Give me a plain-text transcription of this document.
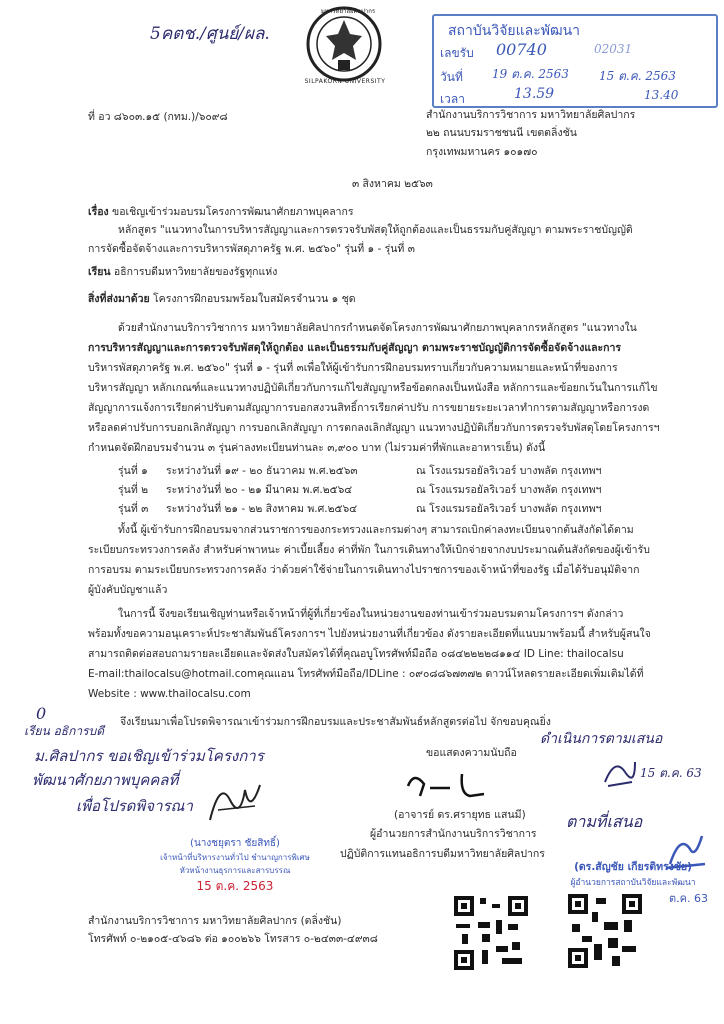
5คตช./ศูนย์/ผล.
มหาวิทยาลัยศิลปากร
SILPAKORN UNIVERSITY
สถาบันวิจัยและพัฒนา
เลขรับ 00740	02031
วันที่ 19 ต.ค. 2563	15 ต.ค. 2563
เวลา	13.59	13.40
ที่ อว ๘๖๐๓.๑๕ (กทม.)/๖๐๙๘	สำนักงานบริการวิชาการ มหาวิทยาลัยศิลปากร
๒๒ ถนนบรมราชชนนี เขตตลิ่งชัน
กรุงเทพมหานคร ๑๐๑๗๐
๓ สิงหาคม ๒๕๖๓
เรื่อง ขอเชิญเข้าร่วมอบรมโครงการพัฒนาศักยภาพบุคลากร
หลักสูตร "แนวทางในการบริหารสัญญาและการตรวจรับพัสดุให้ถูกต้องและเป็นธรรมกับคู่สัญญา ตามพระราชบัญญัติ
การจัดซื้อจัดจ้างและการบริหารพัสดุภาครัฐ พ.ศ. ๒๕๖๐" รุ่นที่ ๑ - รุ่นที่ ๓
เรียน อธิการบดีมหาวิทยาลัยของรัฐทุกแห่ง
สิ่งที่ส่งมาด้วย โครงการฝึกอบรมพร้อมใบสมัครจำนวน ๑ ชุด
ด้วยสำนักงานบริการวิชาการ มหาวิทยาลัยศิลปากรกำหนดจัดโครงการพัฒนาศักยภาพบุคลากรหลักสูตร "แนวทางใน
การบริหารสัญญาและการตรวจรับพัสดุให้ถูกต้อง และเป็นธรรมกับคู่สัญญา ตามพระราชบัญญัติการจัดซื้อจัดจ้างและการ
บริหารพัสดุภาครัฐ พ.ศ. ๒๕๖๐" รุ่นที่ ๑ - รุ่นที่ ๓เพื่อให้ผู้เข้ารับการฝึกอบรมทราบเกี่ยวกับความหมายและหน้าที่ของการ
บริหารสัญญา หลักเกณฑ์และแนวทางปฏิบัติเกี่ยวกับการแก้ไขสัญญาหรือข้อตกลงเป็นหนังสือ หลักการและข้อยกเว้นในการแก้ไข
สัญญาการแจ้งการเรียกค่าปรับตามสัญญาการบอกสงวนสิทธิ์การเรียกค่าปรับ การขยายระยะเวลาทำการตามสัญญาหรือการงด
หรือลดค่าปรับการบอกเลิกสัญญา การบอกเลิกสัญญา การตกลงเลิกสัญญา แนวทางปฏิบัติเกี่ยวกับการตรวจรับพัสดุโดยโครงการฯ
กำหนดจัดฝึกอบรมจำนวน ๓ รุ่นค่าลงทะเบียนท่านละ ๓,๙๐๐ บาท (ไม่รวมค่าที่พักและอาหารเย็น) ดังนี้
รุ่นที่ ๑	ระหว่างวันที่ ๑๙ - ๒๐ ธันวาคม พ.ศ.๒๕๖๓	ณ โรงแรมรอยัลริเวอร์ บางพลัด กรุงเทพฯ
รุ่นที่ ๒	ระหว่างวันที่ ๒๐ - ๒๑ มีนาคม พ.ศ.๒๕๖๔	ณ โรงแรมรอยัลริเวอร์ บางพลัด กรุงเทพฯ
รุ่นที่ ๓	ระหว่างวันที่ ๒๑ - ๒๒ สิงหาคม พ.ศ.๒๕๖๔	ณ โรงแรมรอยัลริเวอร์ บางพลัด กรุงเทพฯ
ทั้งนี้ ผู้เข้ารับการฝึกอบรมจากส่วนราชการของกระทรวงและกรมต่างๆ สามารถเบิกค่าลงทะเบียนจากต้นสังกัดได้ตาม
ระเบียบกระทรวงการคลัง สำหรับค่าพาหนะ ค่าเบี้ยเลี้ยง ค่าที่พัก ในการเดินทางให้เบิกจ่ายจากงบประมาณต้นสังกัดของผู้เข้ารับ
การอบรม ตามระเบียบกระทรวงการคลัง ว่าด้วยค่าใช้จ่ายในการเดินทางไปราชการของเจ้าหน้าที่ของรัฐ เมื่อได้รับอนุมัติจาก
ผู้บังคับบัญชาแล้ว
ในการนี้ จึงขอเรียนเชิญท่านหรือเจ้าหน้าที่ผู้ที่เกี่ยวข้องในหน่วยงานของท่านเข้าร่วมอบรมตามโครงการฯ ดังกล่าว
พร้อมทั้งขอความอนุเคราะห์ประชาสัมพันธ์โครงการฯ ไปยังหน่วยงานที่เกี่ยวข้อง ดังรายละเอียดที่แนบมาพร้อมนี้ สำหรับผู้สนใจ
สามารถติดต่อสอบถามรายละเอียดและจัดส่งใบสมัครได้ที่คุณอบูโทรศัพท์มือถือ ๐๘๔๒๒๒๒๘๑๑๔ ID Line: thailocalsu
E-mail:thailocalsu@hotmail.comคุณแอน โทรศัพท์มือถือ/IDLine : ๐๙๐๘๘๖๗๓๗๒ ดาวน์โหลดรายละเอียดเพิ่มเติมได้ที่
Website : www.thailocalsu.com
จึงเรียนมาเพื่อโปรดพิจารณาเข้าร่วมการฝึกอบรมและประชาสัมพันธ์หลักสูตรต่อไป จักขอบคุณยิ่ง
0
เรียน อธิการบดี
ม.ศิลปากร ขอเชิญเข้าร่วมโครงการ
พัฒนาศักยภาพบุคคลที่
เพื่อโปรดพิจารณา
(นางชยุตรา ชัยสิทธิ์)
เจ้าหน้าที่บริหารงานทั่วไป ชำนาญการพิเศษ
หัวหน้างานธุรการและสารบรรณ
15 ต.ค. 2563
ขอแสดงความนับถือ
(อาจารย์ ดร.ศรายุทธ แสนมี)
ผู้อำนวยการสำนักงานบริการวิชาการ
ปฏิบัติการแทนอธิการบดีมหาวิทยาลัยศิลปากร
ดำเนินการตามเสนอ
15 ต.ค. 63
ตามที่เสนอ
(ดร.สัญชัย เกียรติทรงชัย)
ผู้อำนวยการสถาบันวิจัยและพัฒนา
ต.ค. 63
สำนักงานบริการวิชาการ มหาวิทยาลัยศิลปากร (ตลิ่งชัน)
โทรศัพท์ ๐-๒๑๐๕-๔๖๘๖ ต่อ ๑๐๐๒๖๖ โทรสาร ๐-๒๔๓๓-๔๙๓๘
